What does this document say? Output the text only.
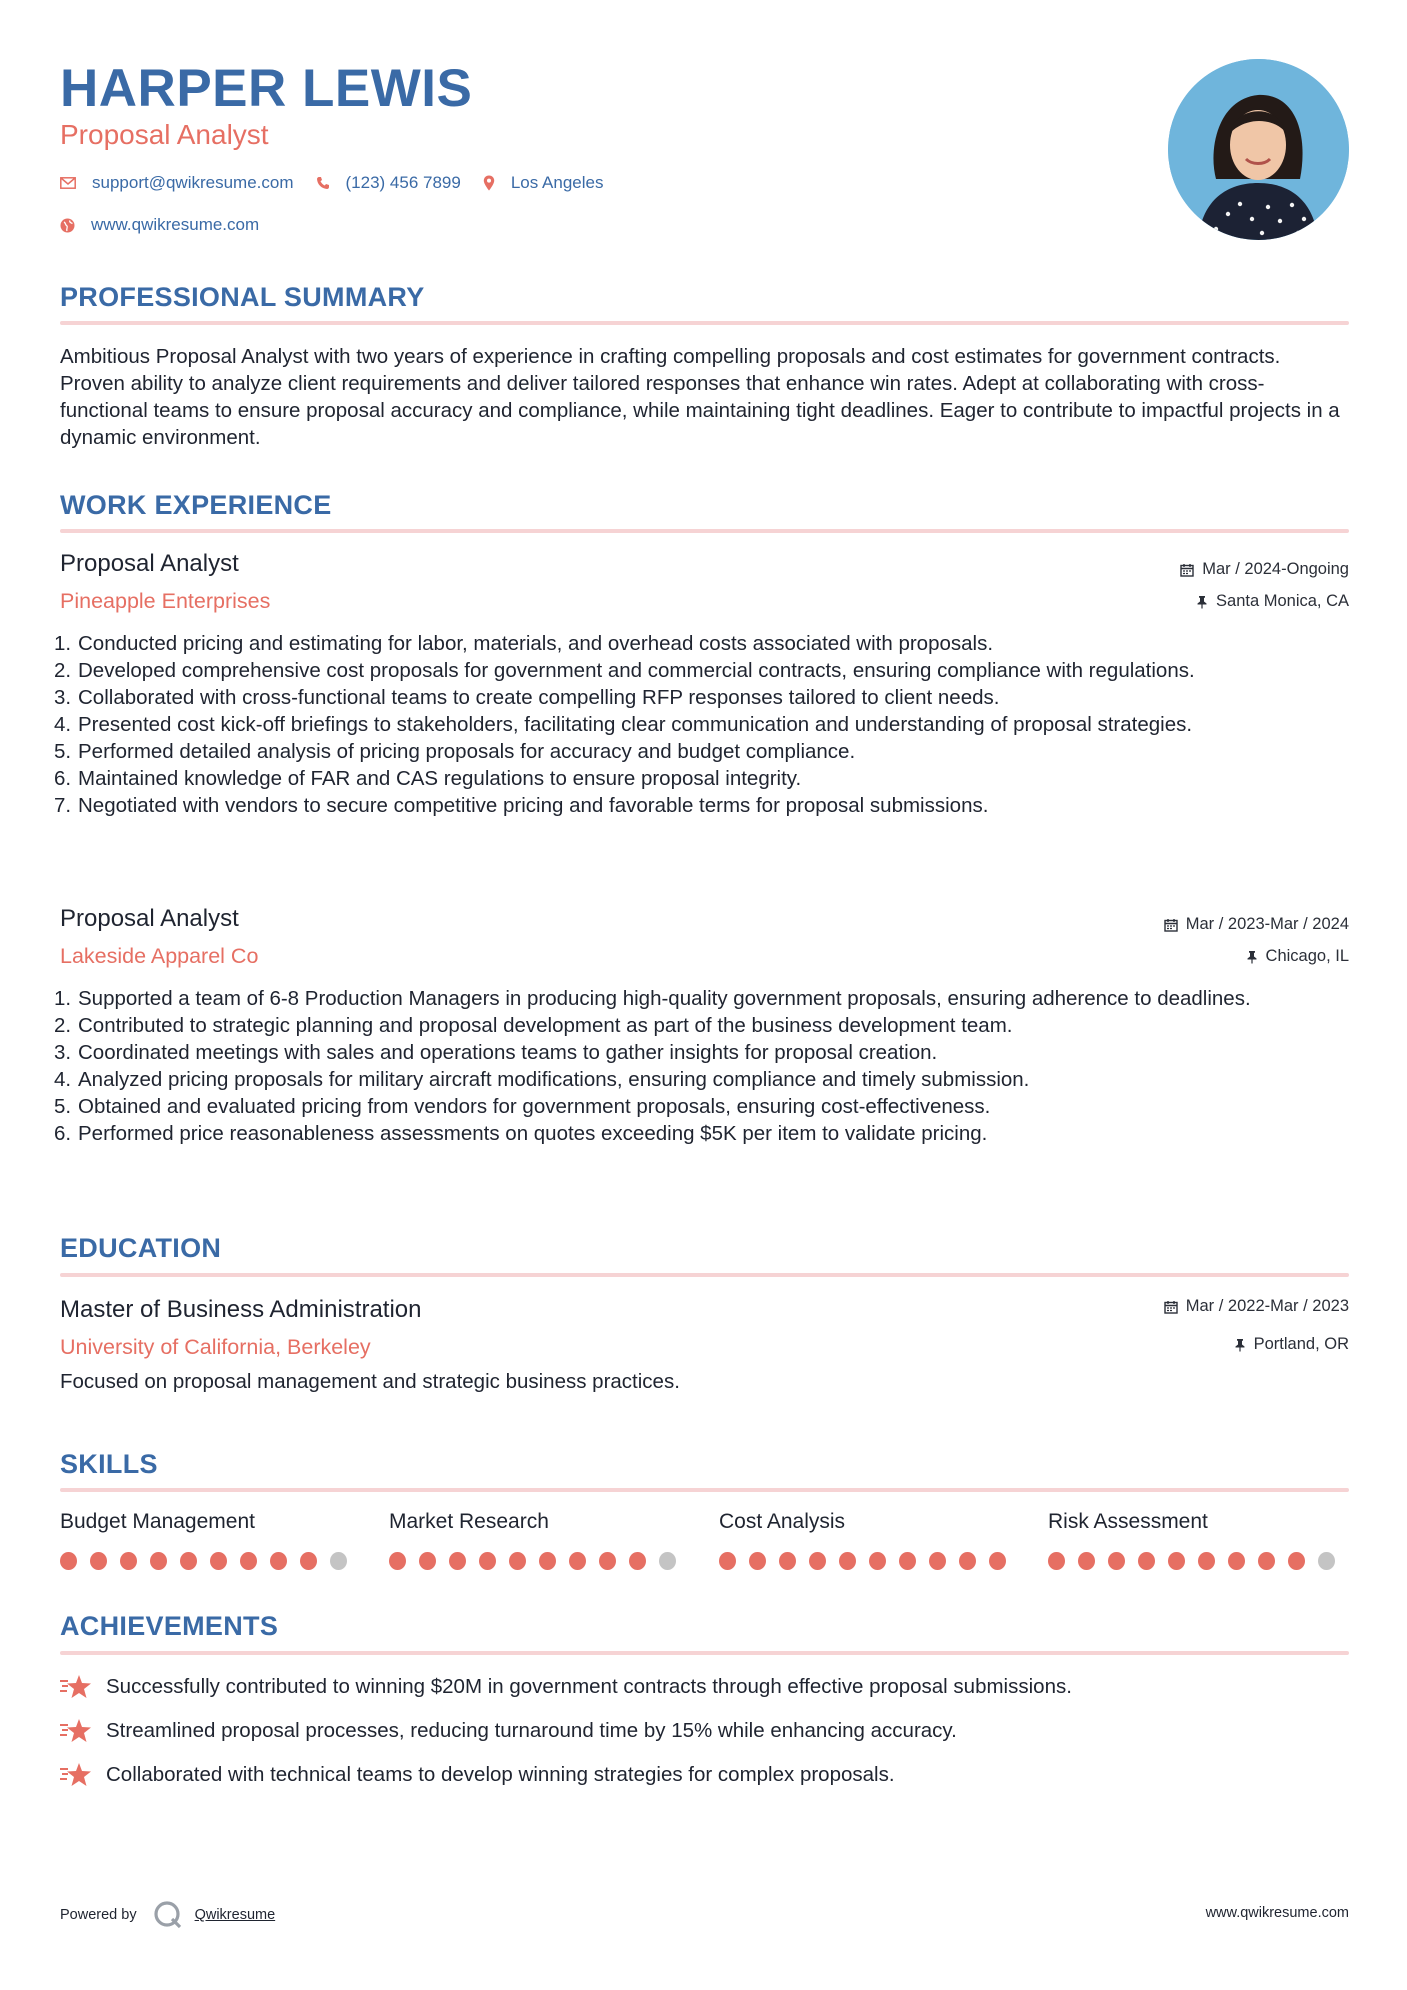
HARPER LEWIS
Proposal Analyst
support@qwikresume.com	(123) 456 7899	Los Angeles
www.qwikresume.com
PROFESSIONAL SUMMARY
Ambitious Proposal Analyst with two years of experience in crafting compelling proposals and cost estimates for government contracts. Proven ability to analyze client requirements and deliver tailored responses that enhance win rates. Adept at collaborating with cross-functional teams to ensure proposal accuracy and compliance, while maintaining tight deadlines. Eager to contribute to impactful projects in a dynamic environment.
WORK EXPERIENCE
Proposal Analyst
Pineapple Enterprises
Mar / 2024-Ongoing
Santa Monica, CA
Conducted pricing and estimating for labor, materials, and overhead costs associated with proposals.
Developed comprehensive cost proposals for government and commercial contracts, ensuring compliance with regulations.
Collaborated with cross-functional teams to create compelling RFP responses tailored to client needs.
Presented cost kick-off briefings to stakeholders, facilitating clear communication and understanding of proposal strategies.
Performed detailed analysis of pricing proposals for accuracy and budget compliance.
Maintained knowledge of FAR and CAS regulations to ensure proposal integrity.
Negotiated with vendors to secure competitive pricing and favorable terms for proposal submissions.
Proposal Analyst
Lakeside Apparel Co
Mar / 2023-Mar / 2024
Chicago, IL
Supported a team of 6-8 Production Managers in producing high-quality government proposals, ensuring adherence to deadlines.
Contributed to strategic planning and proposal development as part of the business development team.
Coordinated meetings with sales and operations teams to gather insights for proposal creation.
Analyzed pricing proposals for military aircraft modifications, ensuring compliance and timely submission.
Obtained and evaluated pricing from vendors for government proposals, ensuring cost-effectiveness.
Performed price reasonableness assessments on quotes exceeding $5K per item to validate pricing.
EDUCATION
Master of Business Administration
University of California, Berkeley
Mar / 2022-Mar / 2023
Portland, OR
Focused on proposal management and strategic business practices.
SKILLS
Budget Management	Market Research	Cost Analysis	Risk Assessment
ACHIEVEMENTS
Successfully contributed to winning $20M in government contracts through effective proposal submissions.
Streamlined proposal processes, reducing turnaround time by 15% while enhancing accuracy.
Collaborated with technical teams to develop winning strategies for complex proposals.
Powered by	Qwikresume	www.qwikresume.com
